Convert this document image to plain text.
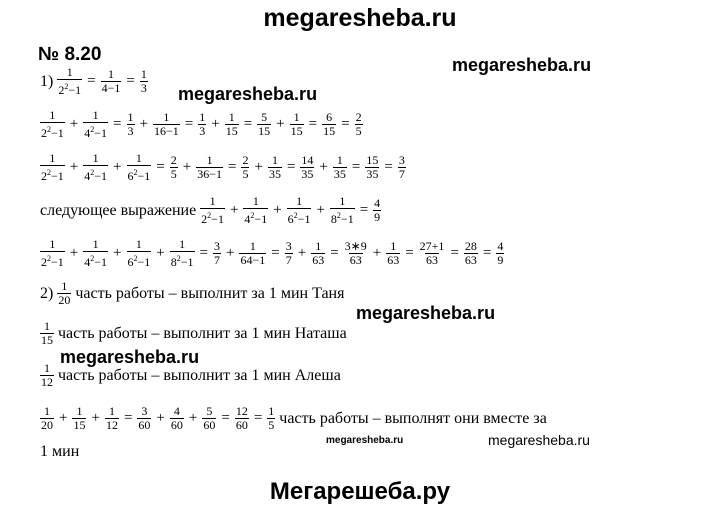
megaresheba.ru
megaresheba.ru
megaresheba.ru
megaresheba.ru
megaresheba.ru
megaresheba.ru	megaresheba.ru
Мегарешеба.ру
№ 8.20
$1) \frac{1}{2^2-1} = \frac{1}{4-1} = \frac{1}{3}$
$\frac{1}{2^2-1} + \frac{1}{4^2-1} = \frac{1}{3} + \frac{1}{16-1} = \frac{1}{3} + \frac{1}{15} = \frac{5}{15} + \frac{1}{15} = \frac{6}{15} = \frac{2}{5}$
$\frac{1}{2^2-1} + \frac{1}{4^2-1} + \frac{1}{6^2-1} = \frac{2}{5} + \frac{1}{36-1} = \frac{2}{5} + \frac{1}{35} = \frac{14}{35} + \frac{1}{35} = \frac{15}{35} = \frac{3}{7}$
следующее выражение $\frac{1}{2^2-1} + \frac{1}{4^2-1} + \frac{1}{6^2-1} + \frac{1}{8^2-1} = \frac{4}{9}$
$\frac{1}{2^2-1} + \frac{1}{4^2-1} + \frac{1}{6^2-1} + \frac{1}{8^2-1} = \frac{3}{7} + \frac{1}{64-1} = \frac{3}{7} + \frac{1}{63} = \frac{3∗9}{63} + \frac{1}{63} = \frac{27+1}{63} = \frac{28}{63} = \frac{4}{9}$
$2) \frac{1}{20}$ часть работы – выполнит за 1 мин Таня
$\frac{1}{15}$ часть работы – выполнит за 1 мин Наташа
$\frac{1}{12}$ часть работы – выполнит за 1 мин Алеша
$\frac{1}{20} + \frac{1}{15} + \frac{1}{12} = \frac{3}{60} + \frac{4}{60} + \frac{5}{60} = \frac{12}{60} = \frac{1}{5}$ часть работы – выполнят они вместе за
1 мин
